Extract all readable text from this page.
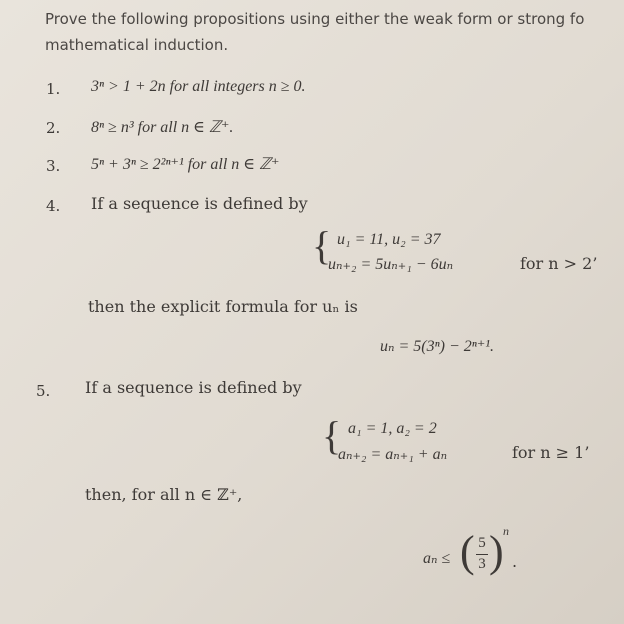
Prove the following propositions using either the weak form or strong fo
mathematical induction.
1. 3ⁿ > 1 + 2n for all integers n ≥ 0.
2. 8ⁿ ≥ n³ for all n ∈ ℤ⁺.
3. 5ⁿ + 3ⁿ ≥ 2²ⁿ⁺¹ for all n ∈ ℤ⁺
4. If a sequence is defined by
{ u₁ = 11, u₂ = 37
uₙ₊₂ = 5uₙ₊₁ − 6uₙ	for n > 2’
then the explicit formula for uₙ is
uₙ = 5(3ⁿ) − 2ⁿ⁺¹.
5. If a sequence is defined by
{ a₁ = 1, a₂ = 2
aₙ₊₂ = aₙ₊₁ + aₙ	for n ≥ 1’
then, for all n ∈ ℤ⁺,
aₙ ≤ ( 5
3 ) n
.
